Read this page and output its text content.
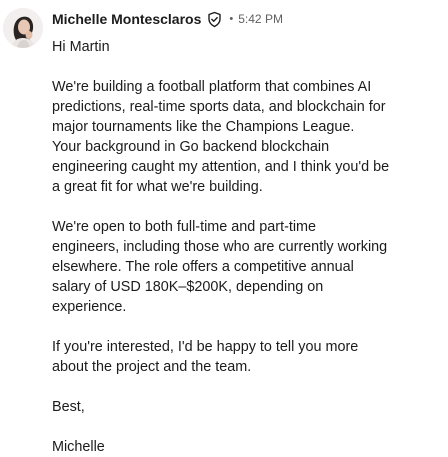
Michelle Montesclaros	• 5:42 PM
Hi Martin
We're building a football platform that combines AI
predictions, real-time sports data, and blockchain for
major tournaments like the Champions League.
Your background in Go backend blockchain
engineering caught my attention, and I think you'd be
a great fit for what we're building.
We're open to both full-time and part-time
engineers, including those who are currently working
elsewhere. The role offers a competitive annual
salary of USD 180K–$200K, depending on
experience.
If you're interested, I'd be happy to tell you more
about the project and the team.
Best,
Michelle
